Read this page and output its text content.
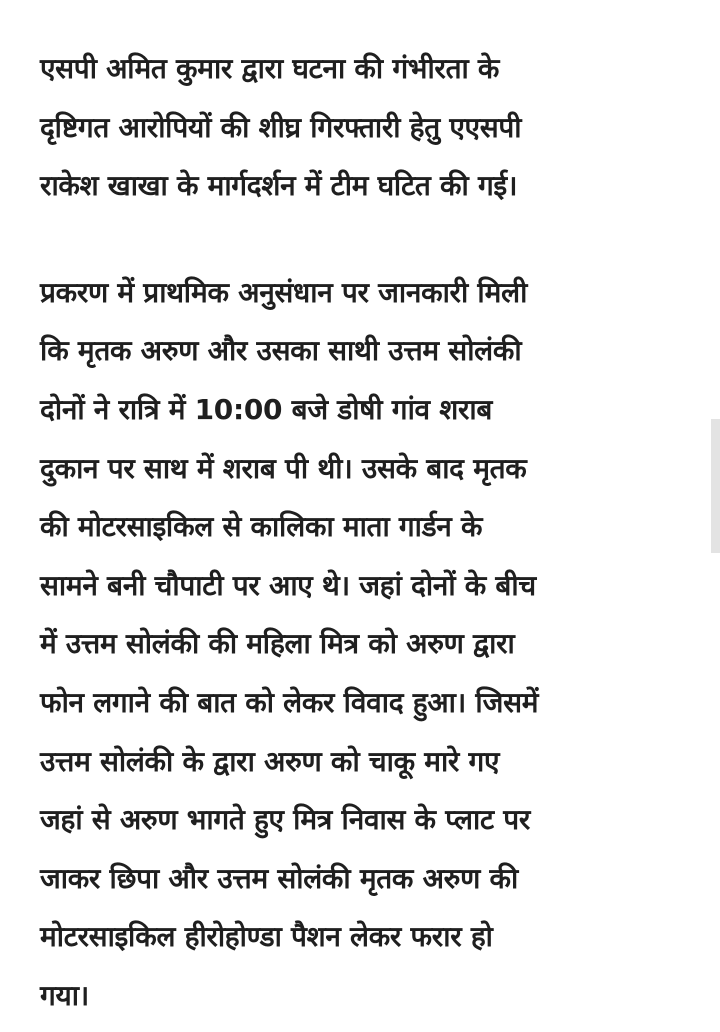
एसपी अमित कुमार द्वारा घटना की गंभीरता के
दृष्टिगत आरोपियों की शीघ्र गिरफ्तारी हेतु एएसपी
राकेश खाखा के मार्गदर्शन में टीम घटित की गई।
प्रकरण में प्राथमिक अनुसंधान पर जानकारी मिली
कि मृतक अरुण और उसका साथी उत्तम सोलंकी
दोनों ने रात्रि में 10:00 बजे डोषी गांव शराब
दुकान पर साथ में शराब पी थी। उसके बाद मृतक
की मोटरसाइकिल से कालिका माता गार्डन के
सामने बनी चौपाटी पर आए थे। जहां दोनों के बीच
में उत्तम सोलंकी की महिला मित्र को अरुण द्वारा
फोन लगाने की बात को लेकर विवाद हुआ। जिसमें
उत्तम सोलंकी के द्वारा अरुण को चाकू मारे गए
जहां से अरुण भागते हुए मित्र निवास के प्लाट पर
जाकर छिपा और उत्तम सोलंकी मृतक अरुण की
मोटरसाइकिल हीरोहोण्डा पैशन लेकर फरार हो
गया।
